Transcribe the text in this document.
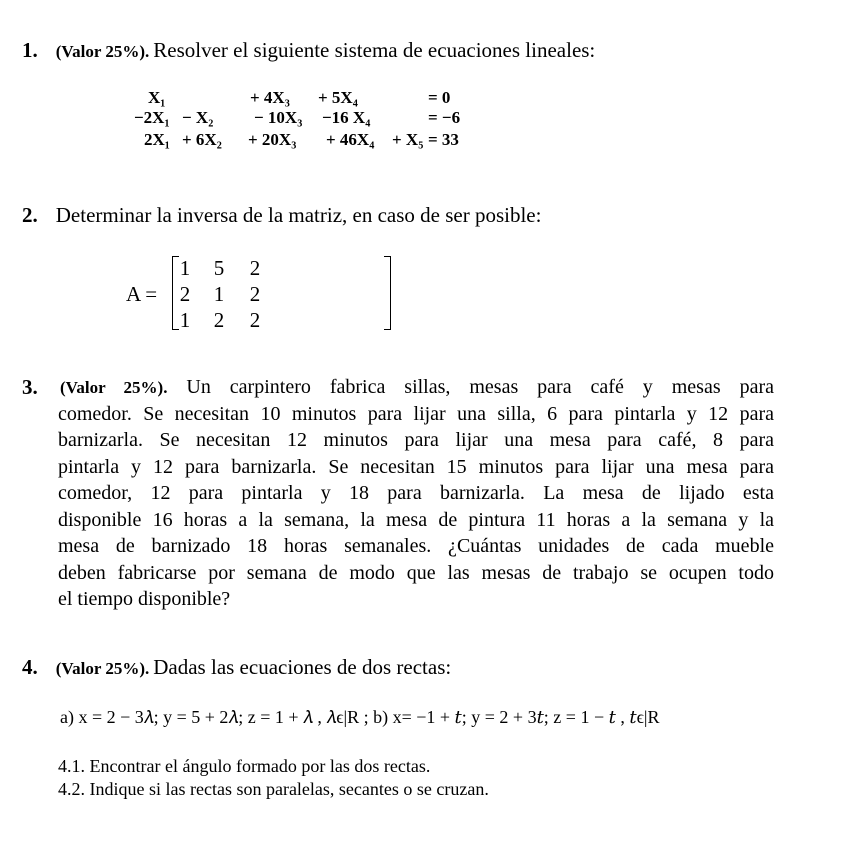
1. (Valor 25%). Resolver el siguiente sistema de ecuaciones lineales:
X₁	+ 4X₃ + 5X₄	= 0
−2X₁ − X₂ − 10X₃ −16 X₄	= −6
2X₁ + 6X₂ + 20X₃ + 46X₄ + X₅ = 33
2. Determinar la inversa de la matriz, en caso de ser posible:
A =
1 5 2
2 1 2
1 2 2
3. (Valor 25%). Un carpintero fabrica sillas, mesas para café y mesas para
comedor. Se necesitan 10 minutos para lijar una silla, 6 para pintarla y 12 para
barnizarla. Se necesitan 12 minutos para lijar una mesa para café, 8 para
pintarla y 12 para barnizarla. Se necesitan 15 minutos para lijar una mesa para
comedor, 12 para pintarla y 18 para barnizarla. La mesa de lijado esta
disponible 16 horas a la semana, la mesa de pintura 11 horas a la semana y la
mesa de barnizado 18 horas semanales. ¿Cuántas unidades de cada mueble
deben fabricarse por semana de modo que las mesas de trabajo se ocupen todo
el tiempo disponible?
4. (Valor 25%). Dadas las ecuaciones de dos rectas:
a) x = 2 − 3𝜆; y = 5 + 2𝜆; z = 1 + 𝜆 , 𝜆ϵ|R ; b) x= −1 + 𝑡; y = 2 + 3𝑡; z = 1 − 𝑡 , 𝑡ϵ|R
4.1. Encontrar el ángulo formado por las dos rectas.
4.2. Indique si las rectas son paralelas, secantes o se cruzan.
